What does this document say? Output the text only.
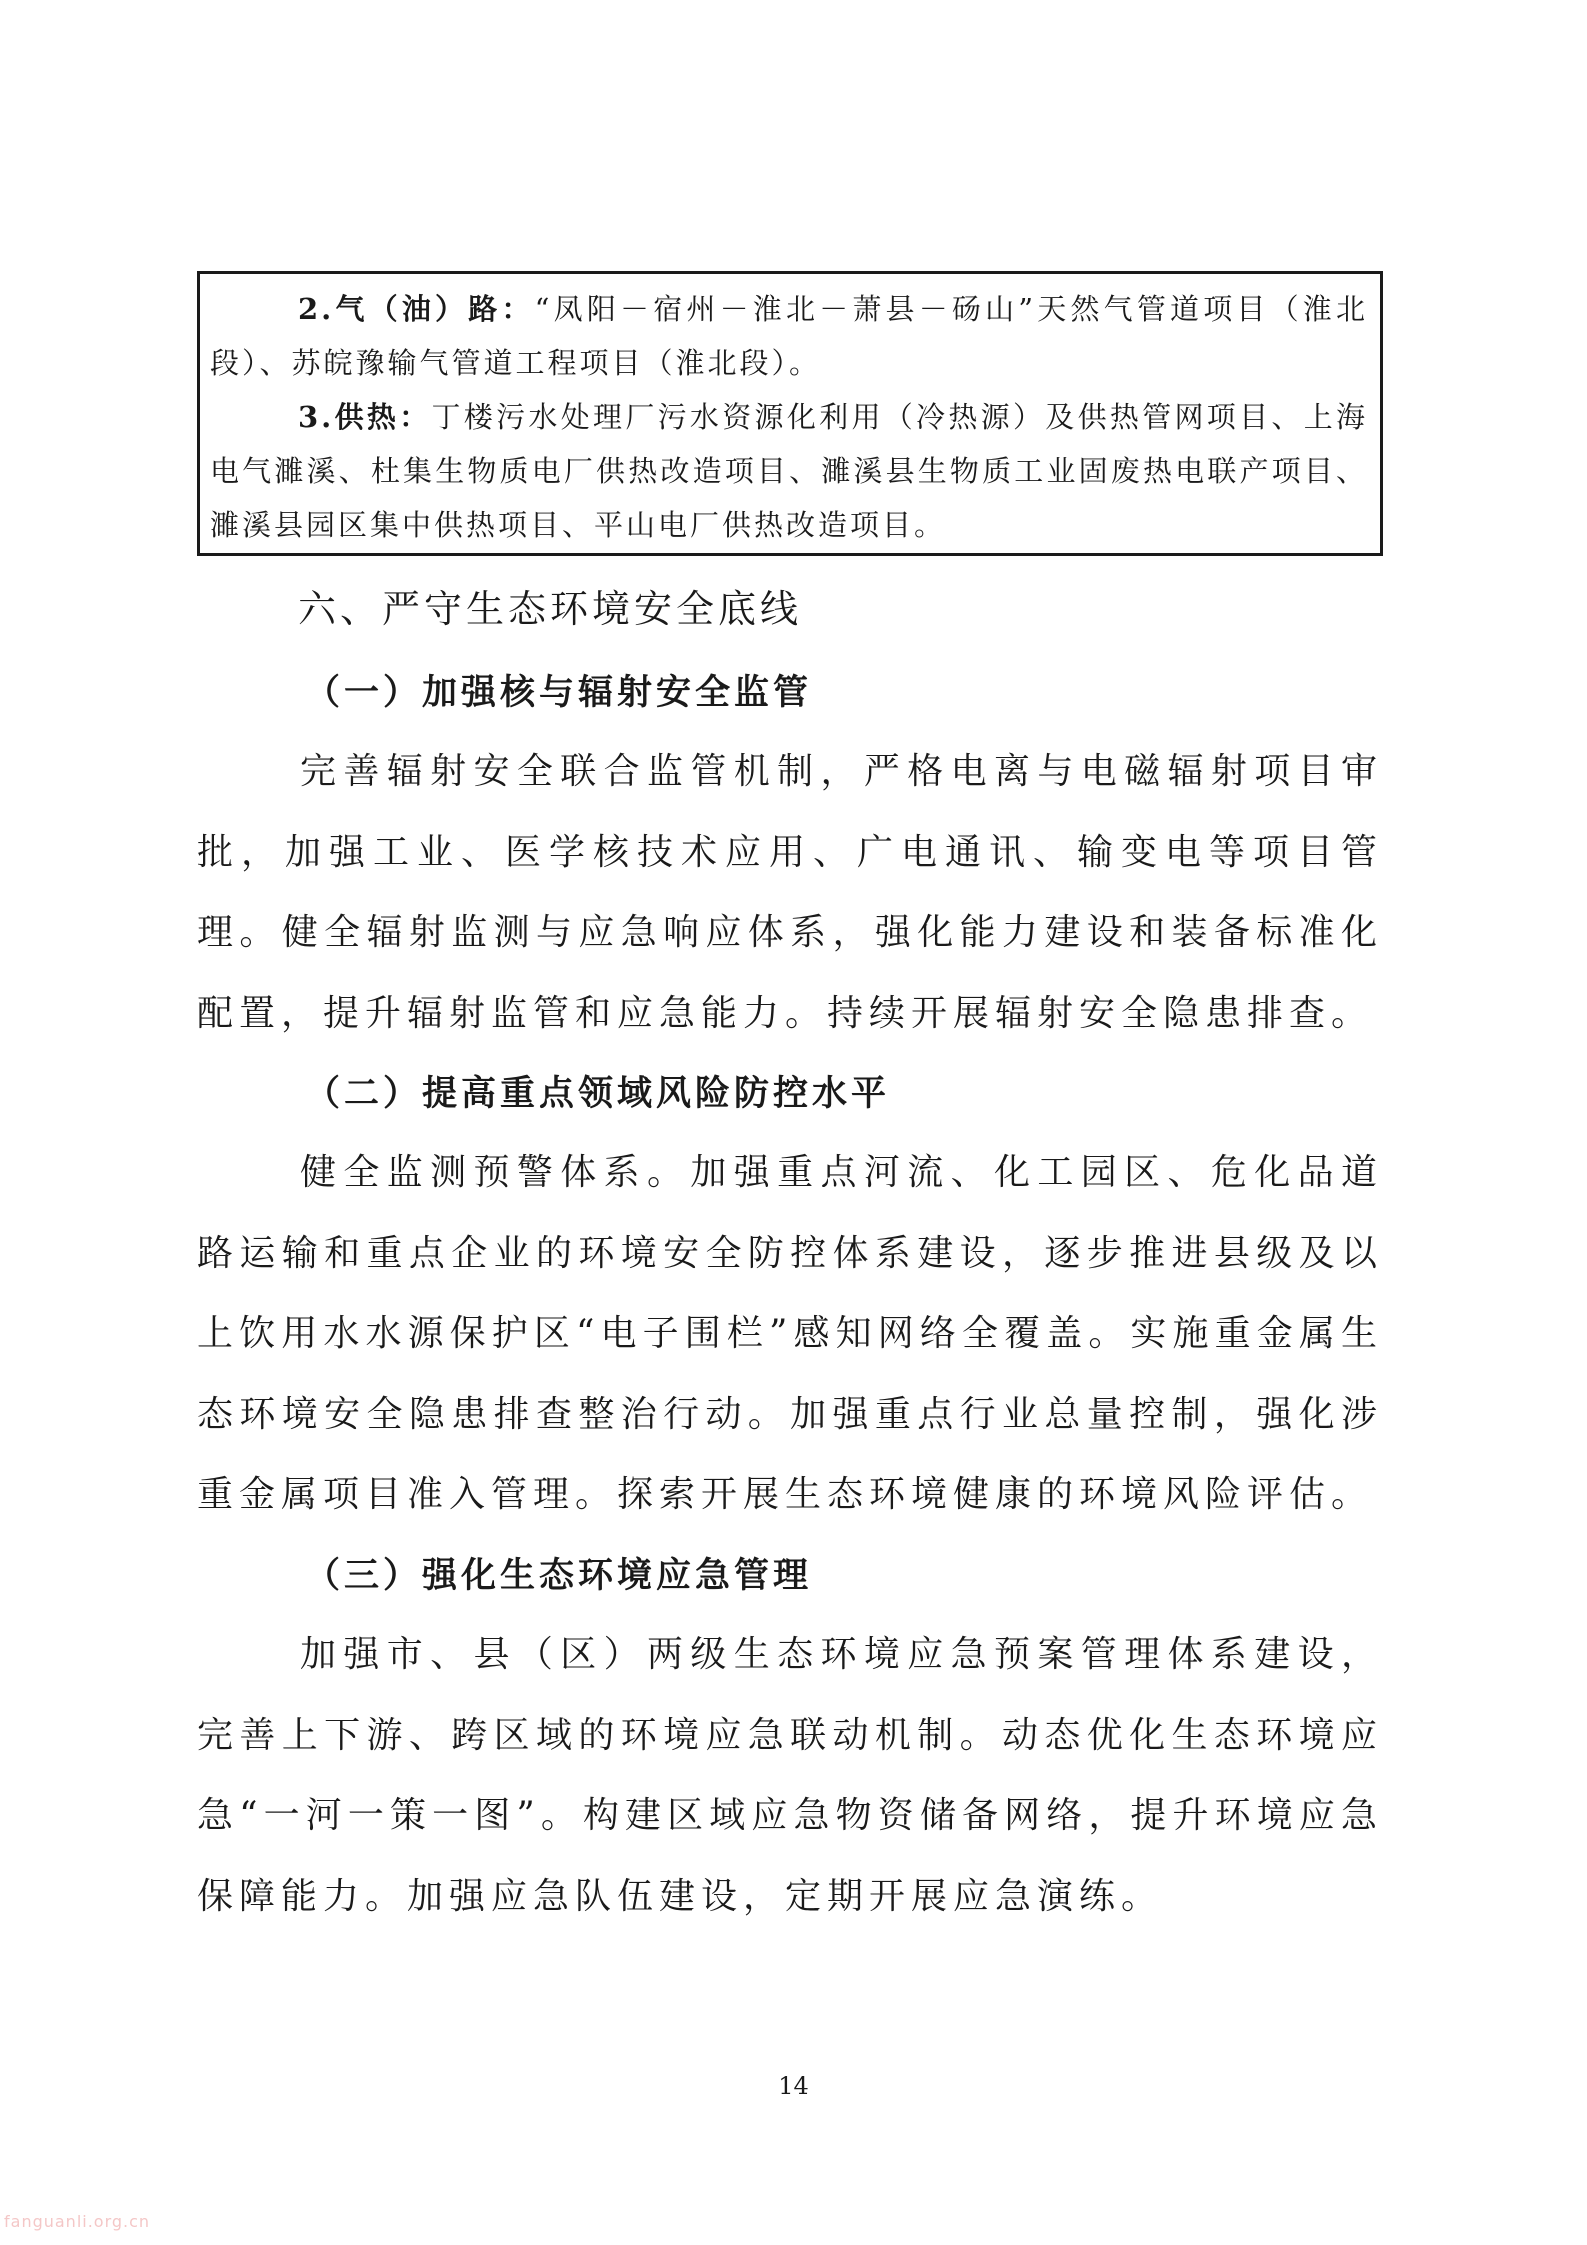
2.气（油）路：“凤阳－宿州－淮北－萧县－砀山”天然气管道项目（淮北段）、苏皖豫输气管道工程项目（淮北段）。

3.供热：丁楼污水处理厂污水资源化利用（冷热源）及供热管网项目、上海电气濉溪、杜集生物质电厂供热改造项目、濉溪县生物质工业固废热电联产项目、濉溪县园区集中供热项目、平山电厂供热改造项目。

六、严守生态环境安全底线
（一）加强核与辐射安全监管

完善辐射安全联合监管机制，严格电离与电磁辐射项目审批，加强工业、医学核技术应用、广电通讯、输变电等项目管理。健全辐射监测与应急响应体系，强化能力建设和装备标准化配置，提升辐射监管和应急能力。持续开展辐射安全隐患排查。

（二）提高重点领域风险防控水平

健全监测预警体系。加强重点河流、化工园区、危化品道路运输和重点企业的环境安全防控体系建设，逐步推进县级及以上饮用水水源保护区“电子围栏”感知网络全覆盖。实施重金属生态环境安全隐患排查整治行动。加强重点行业总量控制，强化涉重金属项目准入管理。探索开展生态环境健康的环境风险评估。

（三）强化生态环境应急管理

加强市、县（区）两级生态环境应急预案管理体系建设，完善上下游、跨区域的环境应急联动机制。动态优化生态环境应急“一河一策一图”。构建区域应急物资储备网络，提升环境应急保障能力。加强应急队伍建设，定期开展应急演练。

14
fanguanli.org.cn
